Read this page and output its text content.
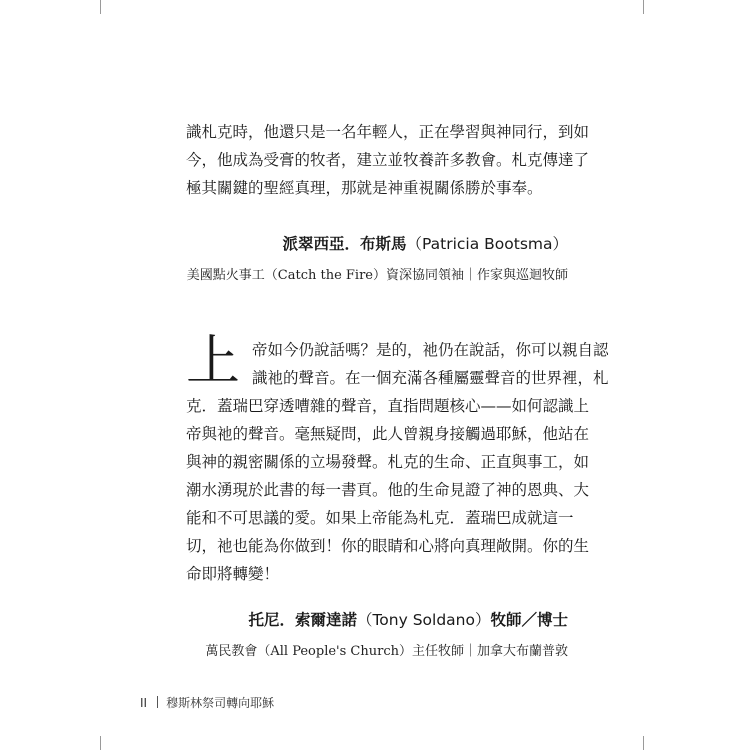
識札克時，他還只是一名年輕人，正在學習與神同行，到如
今，他成為受膏的牧者，建立並牧養許多教會。札克傳達了
極其關鍵的聖經真理，那就是神重視關係勝於事奉。

派翠西亞．布斯馬（Patricia Bootsma）
美國點火事工（Catch the Fire）資深協同領袖｜作家與巡迴牧師
上 帝如今仍說話嗎？是的，祂仍在說話，你可以親自認
識祂的聲音。在一個充滿各種屬靈聲音的世界裡，札
克．蓋瑞巴穿透嘈雜的聲音，直指問題核心——如何認識上
帝與祂的聲音。毫無疑問，此人曾親身接觸過耶穌，他站在
與神的親密關係的立場發聲。札克的生命、正直與事工，如
潮水湧現於此書的每一書頁。他的生命見證了神的恩典、大
能和不可思議的愛。如果上帝能為札克．蓋瑞巴成就這一
切，祂也能為你做到！你的眼睛和心將向真理敞開。你的生
命即將轉變！

托尼．索爾達諾（Tony Soldano）牧師／博士
萬民教會（All People's Church）主任牧師｜加拿大布蘭普敦
II 穆斯林祭司轉向耶穌
